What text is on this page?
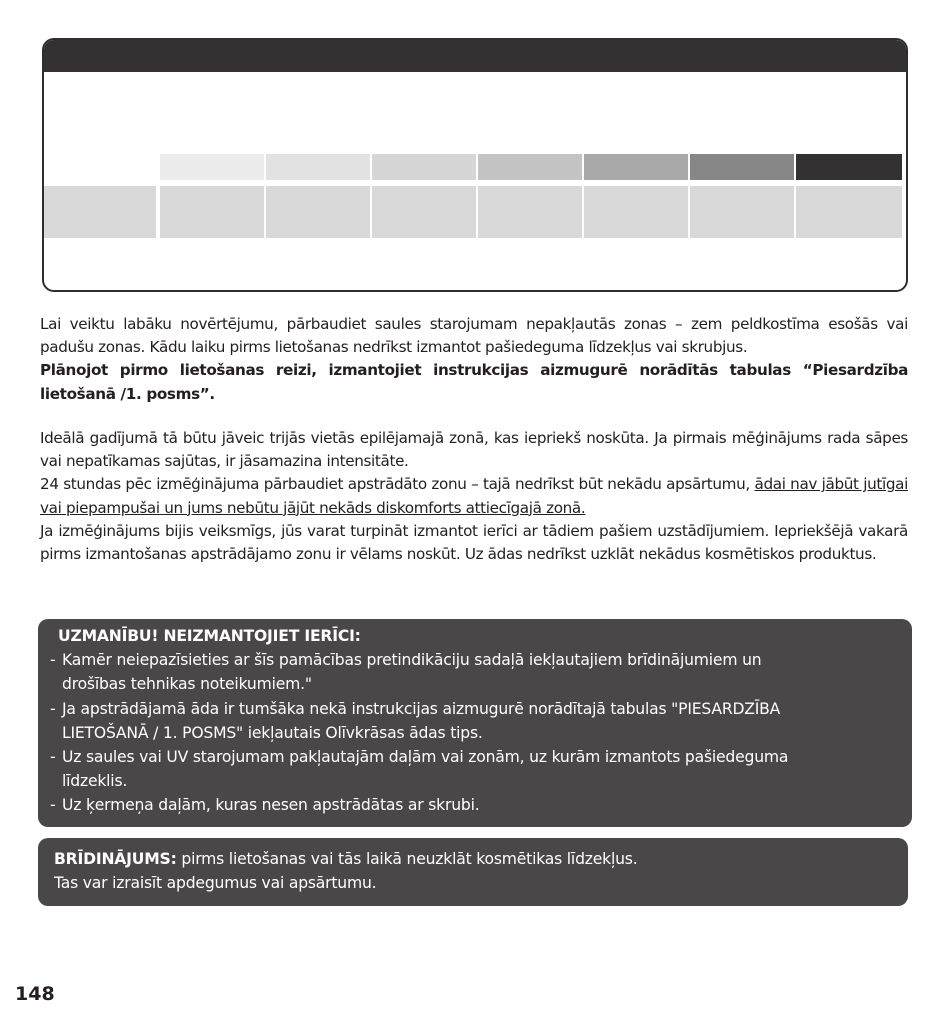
Lai veiktu labāku novērtējumu, pārbaudiet saules starojumam nepakļautās zonas – zem peldkostīma esošās vai padušu zonas. Kādu laiku pirms lietošanas nedrīkst izmantot pašiedeguma līdzekļus vai skrubjus.

Plānojot pirmo lietošanas reizi, izmantojiet instrukcijas aizmugurē norādītās tabulas “Piesardzība lietošanā /1. posms”.

Ideālā gadījumā tā būtu jāveic trijās vietās epilējamajā zonā, kas iepriekš noskūta. Ja pirmais mēģinājums rada sāpes vai nepatīkamas sajūtas, ir jāsamazina intensitāte.

24 stundas pēc izmēģinājuma pārbaudiet apstrādāto zonu – tajā nedrīkst būt nekādu apsārtumu, ādai nav jābūt jutīgai vai piepampušai un jums nebūtu jājūt nekāds diskomforts attiecīgajā zonā.

Ja izmēģinājums bijis veiksmīgs, jūs varat turpināt izmantot ierīci ar tādiem pašiem uzstādījumiem. Iepriekšējā vakarā pirms izmantošanas apstrādājamo zonu ir vēlams noskūt. Uz ādas nedrīkst uzklāt nekādus kosmētiskos produktus.

UZMANĪBU! NEIZMANTOJIET IERĪCI:
- Kamēr neiepazīsieties ar šīs pamācības pretindikāciju sadaļā iekļautajiem brīdinājumiem un
drošības tehnikas noteikumiem."
- Ja apstrādājamā āda ir tumšāka nekā instrukcijas aizmugurē norādītajā tabulas "PIESARDZĪBA
LIETOŠANĀ / 1. POSMS" iekļautais Olīvkrāsas ādas tips.
- Uz saules vai UV starojumam pakļautajām daļām vai zonām, uz kurām izmantots pašiedeguma
līdzeklis.
- Uz ķermeņa daļām, kuras nesen apstrādātas ar skrubi.
BRĪDINĀJUMS: pirms lietošanas vai tās laikā neuzklāt kosmētikas līdzekļus.
Tas var izraisīt apdegumus vai apsārtumu.
148
